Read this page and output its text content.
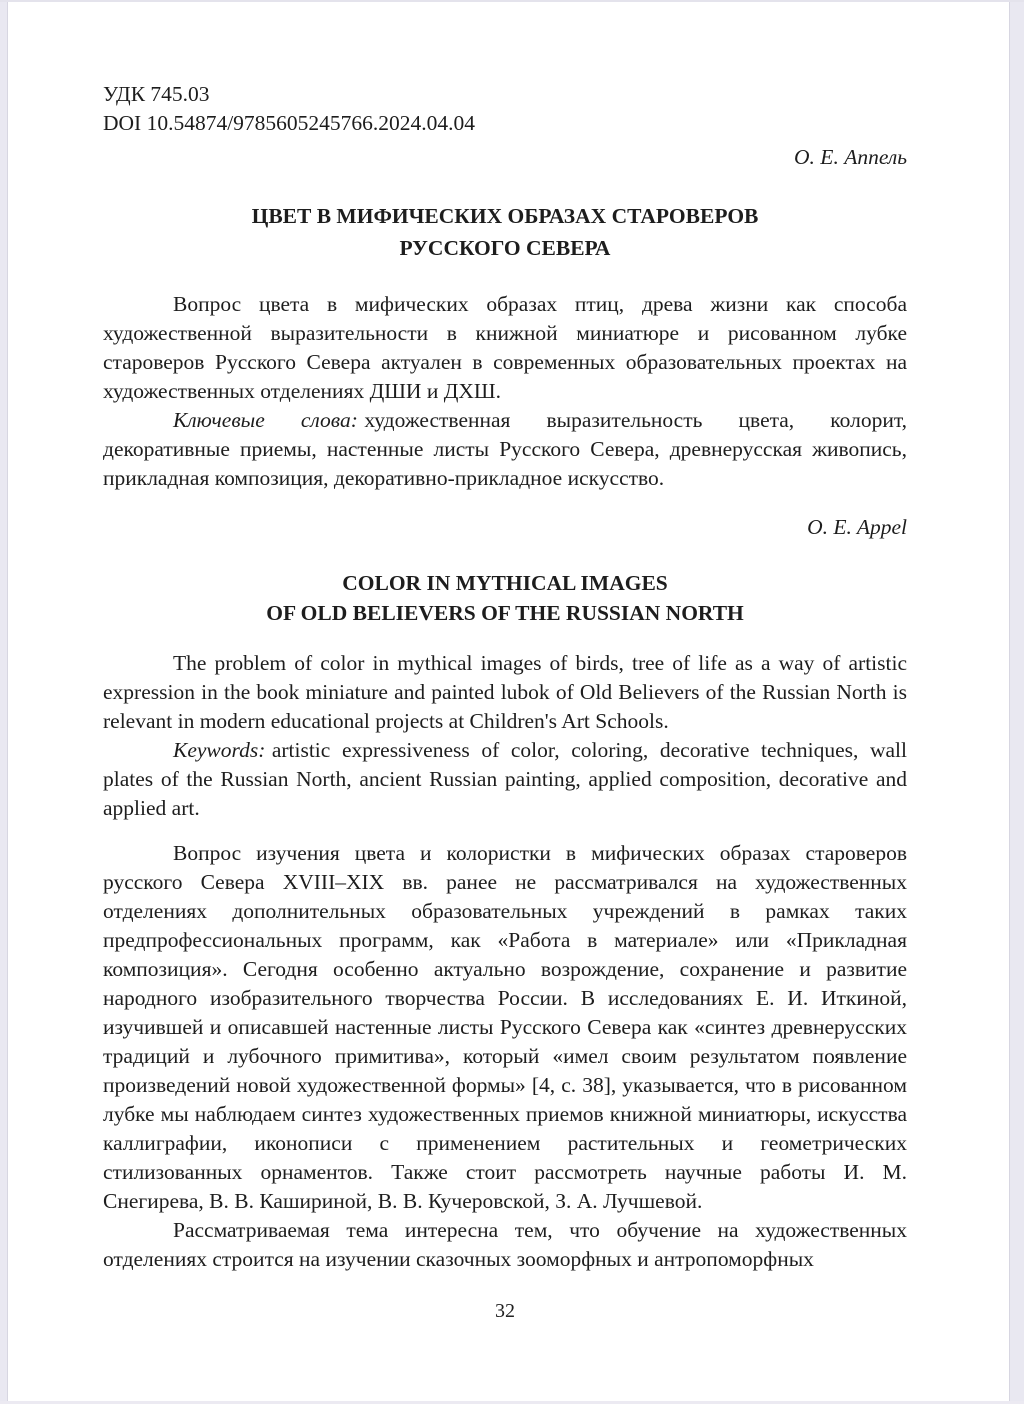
УДК 745.03
DOI 10.54874/9785605245766.2024.04.04
О. Е. Аппель
ЦВЕТ В МИФИЧЕСКИХ ОБРАЗАХ СТАРОВЕРОВ
РУССКОГО СЕВЕРА

Вопрос цвета в мифических образах птиц, древа жизни как способа художественной выразительности в книжной миниатюре и рисованном лубке староверов Русского Севера актуален в современных образовательных проектах на художественных отделениях ДШИ и ДХШ.

Ключевые слова: художественная выразительность цвета, колорит, декоративные приемы, настенные листы Русского Севера, древнерусская живопись, прикладная композиция, декоративно-прикладное искусство.

O. E. Appel
COLOR IN MYTHICAL IMAGES
OF OLD BELIEVERS OF THE RUSSIAN NORTH

The problem of color in mythical images of birds, tree of life as a way of artistic expression in the book miniature and painted lubok of Old Believers of the Russian North is relevant in modern educational projects at Children's Art Schools.

Keywords: artistic expressiveness of color, coloring, decorative techniques, wall plates of the Russian North, ancient Russian painting, applied composition, decorative and applied art.

Вопрос изучения цвета и колористки в мифических образах староверов русского Севера XVIII–XIX вв. ранее не рассматривался на художественных отделениях дополнительных образовательных учреждений в рамках таких предпрофессиональных программ, как «Работа в материале» или «Прикладная композиция». Сегодня особенно актуально возрождение, сохранение и развитие народного изобразительного творчества России. В исследованиях Е. И. Иткиной, изучившей и описавшей настенные листы Русского Севера как «синтез древнерусских традиций и лубочного примитива», который «имел своим результатом появление произведений новой художественной формы» [4, с. 38], указывается, что в рисованном лубке мы наблюдаем синтез художественных приемов книжной миниатюры, искусства каллиграфии, иконописи с применением растительных и геометрических стилизованных орнаментов. Также стоит рассмотреть научные работы И. М. Снегирева, В. В. Кашириной, В. В. Кучеровской, З. А. Лучшевой.

Рассматриваемая тема интересна тем, что обучение на художественных отделениях строится на изучении сказочных зооморфных и антропоморфных

32
